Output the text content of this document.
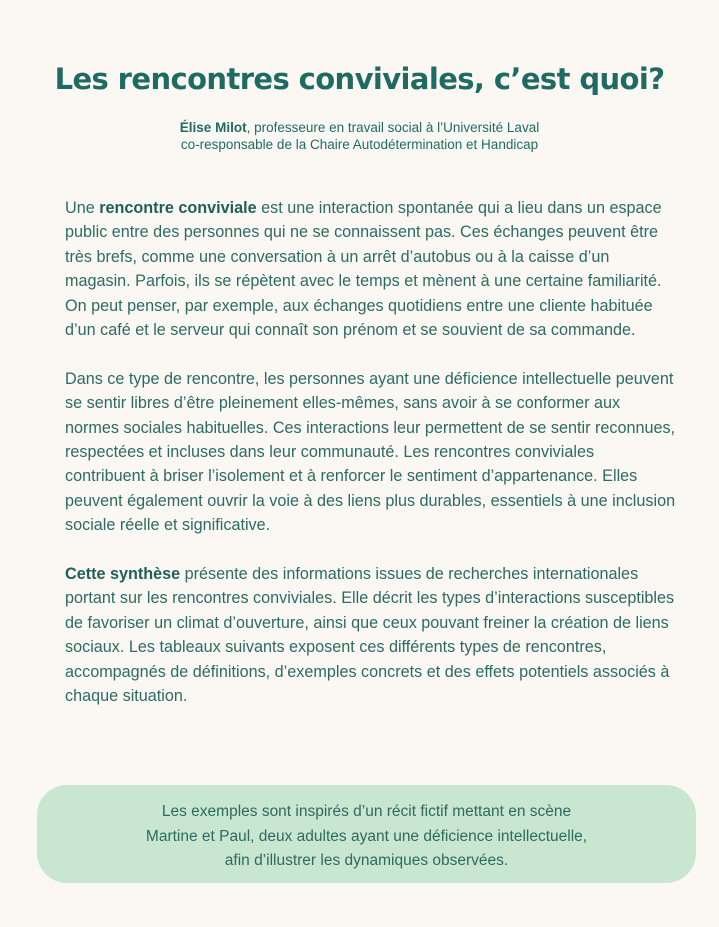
Les rencontres conviviales, c’est quoi?
Élise Milot, professeure en travail social à l’Université Laval
co-responsable de la Chaire Autodétermination et Handicap

Une rencontre conviviale est une interaction spontanée qui a lieu dans un espace public entre des personnes qui ne se connaissent pas. Ces échanges peuvent être très brefs, comme une conversation à un arrêt d’autobus ou à la caisse d’un magasin. Parfois, ils se répètent avec le temps et mènent à une certaine familiarité. On peut penser, par exemple, aux échanges quotidiens entre une cliente habituée d’un café et le serveur qui connaît son prénom et se souvient de sa commande.

Dans ce type de rencontre, les personnes ayant une déficience intellectuelle peuvent se sentir libres d’être pleinement elles-mêmes, sans avoir à se conformer aux normes sociales habituelles. Ces interactions leur permettent de se sentir reconnues, respectées et incluses dans leur communauté. Les rencontres conviviales contribuent à briser l’isolement et à renforcer le sentiment d’appartenance. Elles peuvent également ouvrir la voie à des liens plus durables, essentiels à une inclusion sociale réelle et significative.

Cette synthèse présente des informations issues de recherches internationales portant sur les rencontres conviviales. Elle décrit les types d’interactions susceptibles de favoriser un climat d’ouverture, ainsi que ceux pouvant freiner la création de liens sociaux. Les tableaux suivants exposent ces différents types de rencontres, accompagnés de définitions, d’exemples concrets et des effets potentiels associés à chaque situation.

Les exemples sont inspirés d’un récit fictif mettant en scène
Martine et Paul, deux adultes ayant une déficience intellectuelle,
afin d’illustrer les dynamiques observées.
